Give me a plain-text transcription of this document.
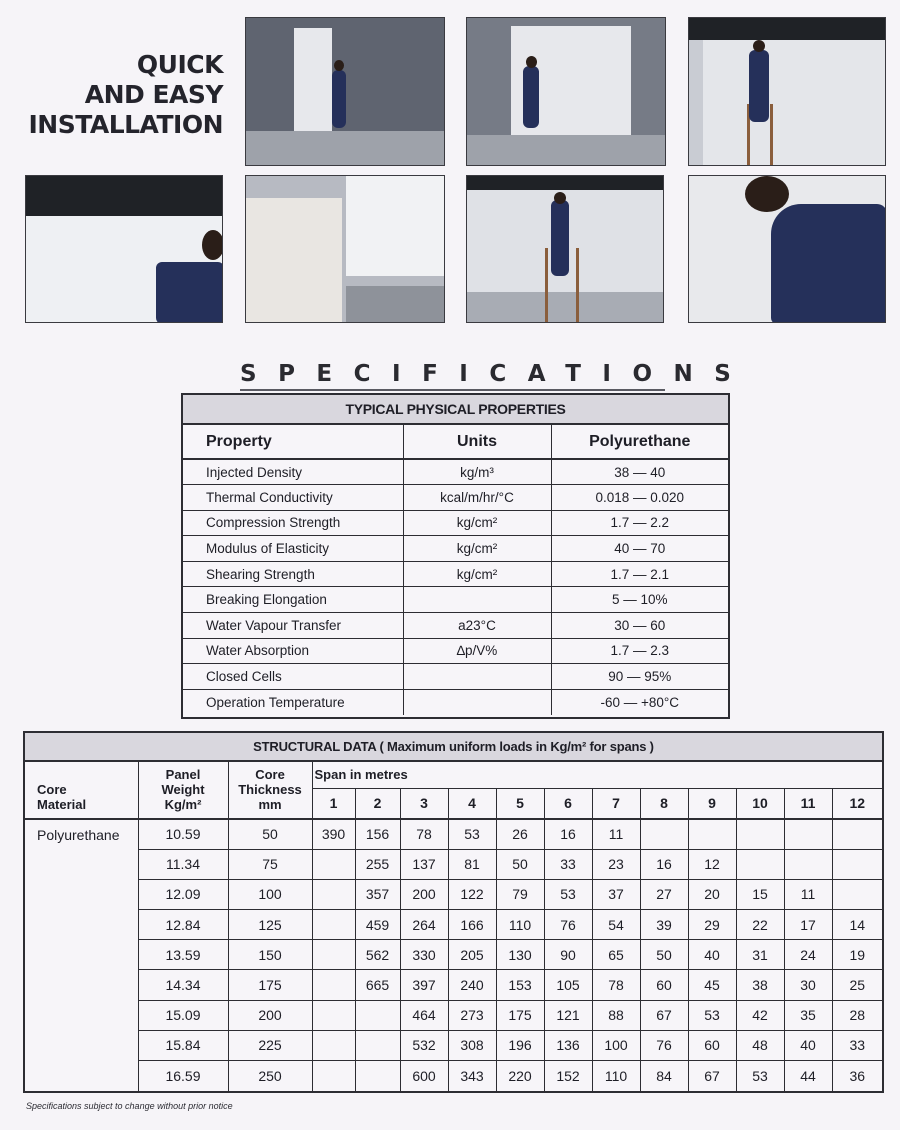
QUICK
AND EASY
INSTALLATION
SPECIFICATIONS
TYPICAL PHYSICAL PROPERTIES
Property	Units	Polyurethane
Injected Density	kg/m³	38 — 40
Thermal Conductivity	kcal/m/hr/°C	0.018 — 0.020
Compression Strength	kg/cm²	1.7 — 2.2
Modulus of Elasticity	kg/cm²	40 — 70
Shearing Strength	kg/cm²	1.7 — 2.1
Breaking Elongation		5 — 10%
Water Vapour Transfer	a23°C	30 — 60
Water Absorption	∆p/V%	1.7 — 2.3
Closed Cells		90 — 95%
Operation Temperature		-60 — +80°C
STRUCTURAL DATA ( Maximum uniform loads in Kg/m² for spans )
Core
Material	Panel
Weight
Kg/m²	Core
Thickness
mm	Span in metres											
			1	2	3	4	5	6	7	8	9	10	11	12
Polyurethane	10.59	50	390	156	78	53	26	16	11					
	11.34	75		255	137	81	50	33	23	16	12			
	12.09	100		357	200	122	79	53	37	27	20	15	11	
	12.84	125		459	264	166	110	76	54	39	29	22	17	14
	13.59	150		562	330	205	130	90	65	50	40	31	24	19
	14.34	175		665	397	240	153	105	78	60	45	38	30	25
	15.09	200			464	273	175	121	88	67	53	42	35	28
	15.84	225			532	308	196	136	100	76	60	48	40	33
	16.59	250			600	343	220	152	110	84	67	53	44	36
Specifications subject to change without prior notice
